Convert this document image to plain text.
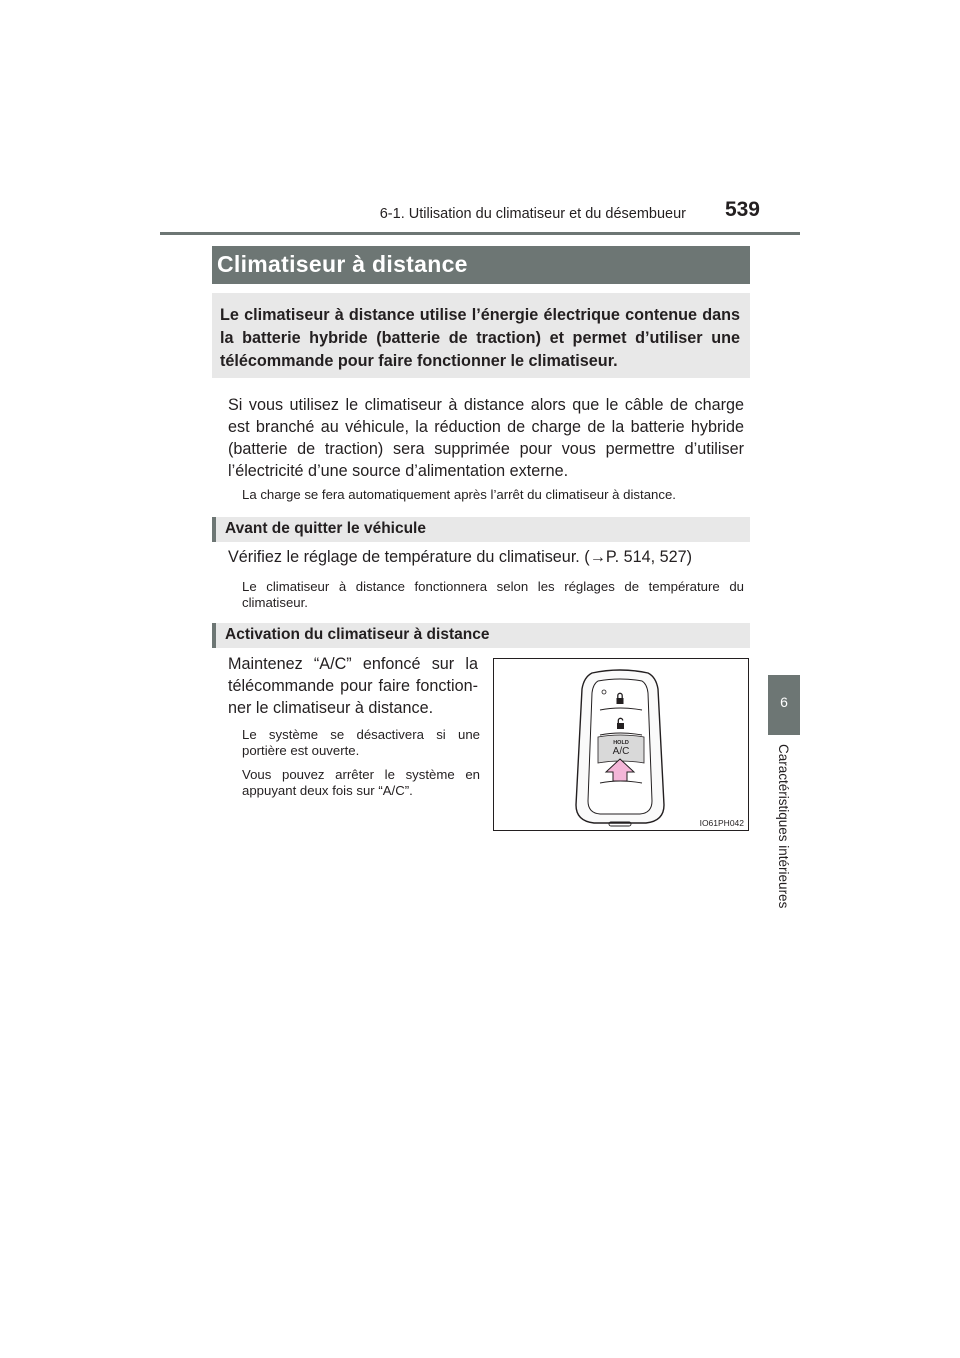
6-1. Utilisation du climatiseur et du désembueur	539
Climatiseur à distance
Le climatiseur à distance utilise l’énergie électrique contenue dans la batterie hybride (batterie de traction) et permet d’utiliser une télécommande pour faire fonctionner le climatiseur.
Si vous utilisez le climatiseur à distance alors que le câble de charge est branché au véhicule, la réduction de charge de la batterie hybride (batterie de traction) sera supprimée pour vous permettre d’utiliser l’électricité d’une source d’alimentation externe.
La charge se fera automatiquement après l’arrêt du climatiseur à distance.
Avant de quitter le véhicule
Vérifiez le réglage de température du climatiseur. (→P. 514, 527)
Le climatiseur à distance fonctionnera selon les réglages de température du climatiseur.
Activation du climatiseur à distance
Maintenez “A/C” enfoncé sur la télécommande pour faire fonctionner le climatiseur à distance.
Le système se désactivera si une portière est ouverte.
Vous pouvez arrêter le système en appuyant deux fois sur “A/C”.
HOLD
A/C
IO61PH042
6
Caractéristiques intérieures
